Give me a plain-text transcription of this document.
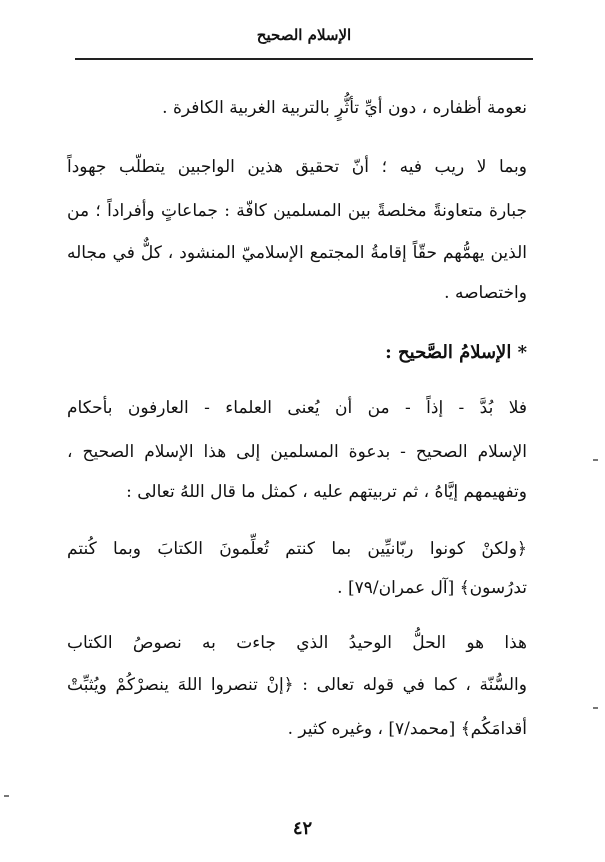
الإسلام الصحيح
نعومة أظفاره ، دون أيِّ تأثُّرٍ بالتربية الغربية الكافرة .
وبما لا ريب فيه ؛ أنّ تحقيق هذين الواجبين يتطلّب جهوداً
جبارة متعاونةً مخلصةً بين المسلمين كافّة : جماعاتٍ وأفراداً ؛ من
الذين يهمُّهم حقّاً إقامةُ المجتمع الإسلاميّ المنشود ، كلٌّ في مجاله
واختصاصه .
* الإسلامُ الصَّحيح :
فلا بُدَّ - إذاً - من أن يُعنى العلماء - العارفون بأحكام
الإسلام الصحيح - بدعوة المسلمين إلى هذا الإسلام الصحيح ،
وتفهيمهم إيَّاهُ ، ثم تربيتهم عليه ، كمثل ما قال اللهُ تعالى :
﴿ولكنْ كونوا ربّانيِّين بما كنتم تُعلِّمونَ الكتابَ وبما كُنتم
تدرُسون﴾ [آل عمران/٧٩] .
هذا هو الحلُّ الوحيدُ الذي جاءت به نصوصُ الكتاب
والسُّنّة ، كما في قوله تعالى : ﴿إنْ تنصروا اللهَ ينصرْكُمْ ويُثبِّتْ
أقدامَكُم﴾ [محمد/٧] ، وغيره كثير .
٤٢
